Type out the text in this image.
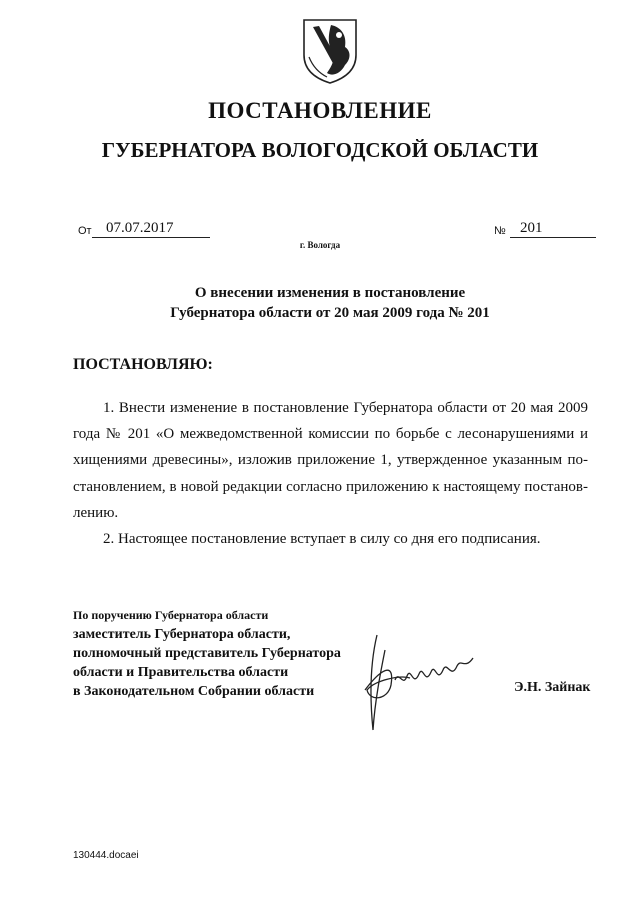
ПОСТАНОВЛЕНИЕ
ГУБЕРНАТОРА ВОЛОГОДСКОЙ ОБЛАСТИ
От 07.07.2017	№ 201
г. Вологда
О внесении изменения в постановление
Губернатора области от 20 мая 2009 года № 201
ПОСТАНОВЛЯЮ:

1. Внести изменение в постановление Губернатора области от 20 мая 2009 года № 201 «О межведомственной комиссии по борьбе с лесонарушениями и хищениями древесины», изложив приложение 1, утвержденное указанным по-становлением, в новой редакции согласно приложению к настоящему постанов-лению.

2. Настоящее постановление вступает в силу со дня его подписания.

По поручению Губернатора области
заместитель Губернатора области,
полномочный представитель Губернатора
области и Правительства области
в Законодательном Собрании области	Э.Н. Зайнак
130444.docaei
